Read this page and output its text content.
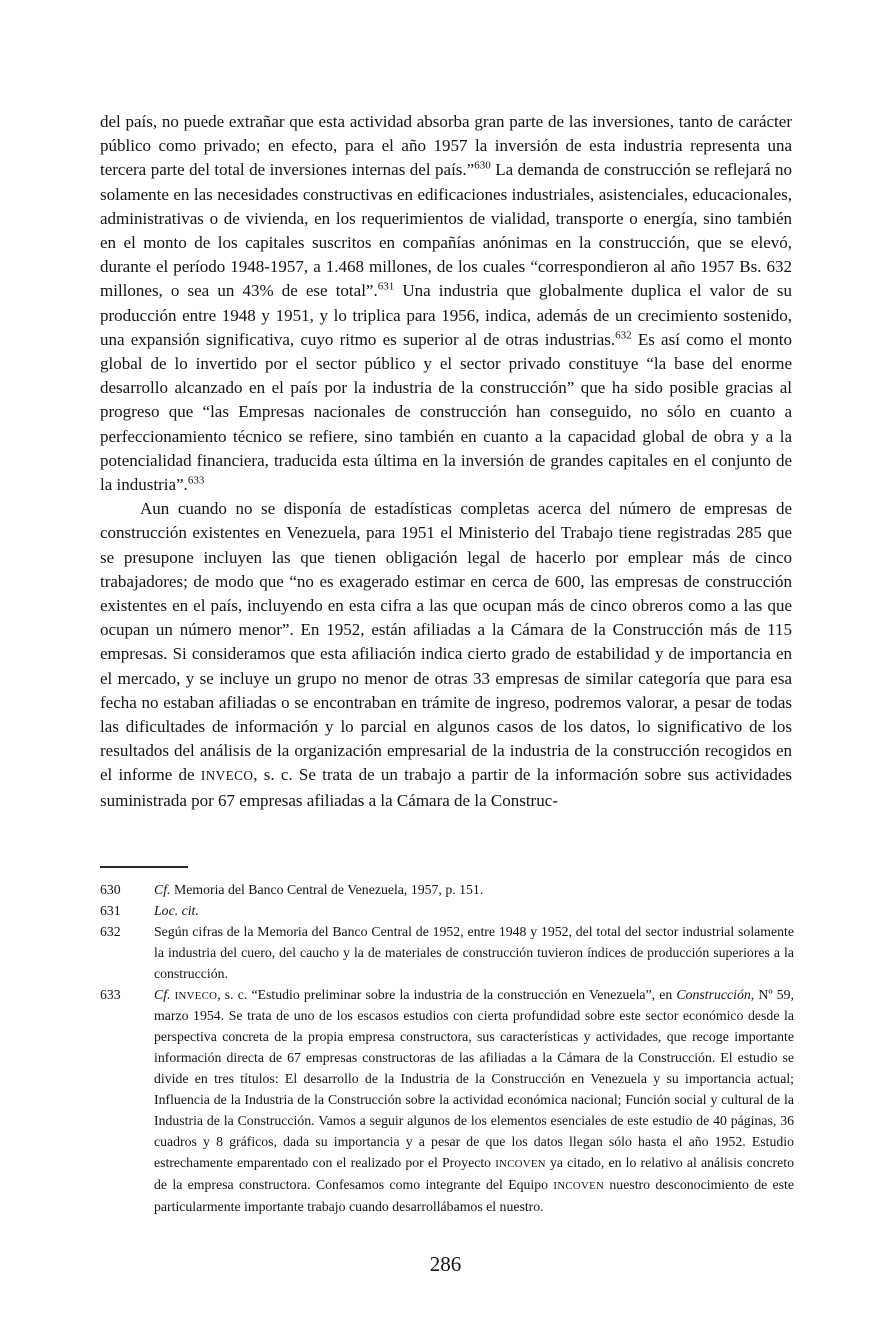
del país, no puede extrañar que esta actividad absorba gran parte de las inversiones, tanto de carácter público como privado; en efecto, para el año 1957 la inversión de esta industria representa una tercera parte del total de inversiones internas del país.”$^{630}$ La demanda de construcción se reflejará no solamente en las necesidades constructivas en edificaciones industriales, asistenciales, educacionales, administrativas o de vivienda, en los requerimientos de vialidad, transporte o energía, sino también en el monto de los capitales suscritos en compañías anónimas en la construcción, que se elevó, durante el período 1948-1957, a 1.468 millones, de los cuales “correspondieron al año 1957 Bs. 632 millones, o sea un 43% de ese total”.$^{631}$ Una industria que globalmente duplica el valor de su producción entre 1948 y 1951, y lo triplica para 1956, indica, además de un crecimiento sostenido, una expansión significativa, cuyo ritmo es superior al de otras industrias.$^{632}$ Es así como el monto global de lo invertido por el sector público y el sector privado constituye “la base del enorme desarrollo alcanzado en el país por la industria de la construcción” que ha sido posible gracias al progreso que “las Empresas nacionales de construcción han conseguido, no sólo en cuanto a perfeccionamiento técnico se refiere, sino también en cuanto a la capacidad global de obra y a la potencialidad financiera, traducida esta última en la inversión de grandes capitales en el conjunto de la industria”.$^{633}$

Aun cuando no se disponía de estadísticas completas acerca del número de empresas de construcción existentes en Venezuela, para 1951 el Ministerio del Trabajo tiene registradas 285 que se presupone incluyen las que tienen obligación legal de hacerlo por emplear más de cinco trabajadores; de modo que “no es exagerado estimar en cerca de 600, las empresas de construcción existentes en el país, incluyendo en esta cifra a las que ocupan más de cinco obreros como a las que ocupan un número menor”. En 1952, están afiliadas a la Cámara de la Construcción más de 115 empresas. Si consideramos que esta afiliación indica cierto grado de estabilidad y de importancia en el mercado, y se incluye un grupo no menor de otras 33 empresas de similar categoría que para esa fecha no estaban afiliadas o se encontraban en trámite de ingreso, podremos valorar, a pesar de todas las dificultades de información y lo parcial en algunos casos de los datos, lo significativo de los resultados del análisis de la organización empresarial de la industria de la construcción recogidos en el informe de INVECO, s. c. Se trata de un trabajo a partir de la información sobre sus actividades suministrada por 67 empresas afiliadas a la Cámara de la Construc-

630	Cf. Memoria del Banco Central de Venezuela, 1957, p. 151.
631	Loc. cit.
632	Según cifras de la Memoria del Banco Central de 1952, entre 1948 y 1952, del total del sector industrial solamente la industria del cuero, del caucho y la de materiales de construcción tuvieron índices de producción superiores a la construcción.
633	Cf. INVECO, s. c. “Estudio preliminar sobre la industria de la construcción en Venezuela”, en Construcción, Nº 59, marzo 1954. Se trata de uno de los escasos estudios con cierta profundidad sobre este sector económico desde la perspectiva concreta de la propia empresa constructora, sus características y actividades, que recoge importante información directa de 67 empresas constructoras de las afiliadas a la Cámara de la Construcción. El estudio se divide en tres títulos: El desarrollo de la Industria de la Construcción en Venezuela y su importancia actual; Influencia de la Industria de la Construcción sobre la actividad económica nacional; Función social y cultural de la Industria de la Construcción. Vamos a seguir algunos de los elementos esenciales de este estudio de 40 páginas, 36 cuadros y 8 gráficos, dada su importancia y a pesar de que los datos llegan sólo hasta el año 1952. Estudio estrechamente emparentado con el realizado por el Proyecto INCOVEN ya citado, en lo relativo al análisis concreto de la empresa constructora. Confesamos como integrante del Equipo INCOVEN nuestro desconocimiento de este particularmente importante trabajo cuando desarrollábamos el nuestro.
286
